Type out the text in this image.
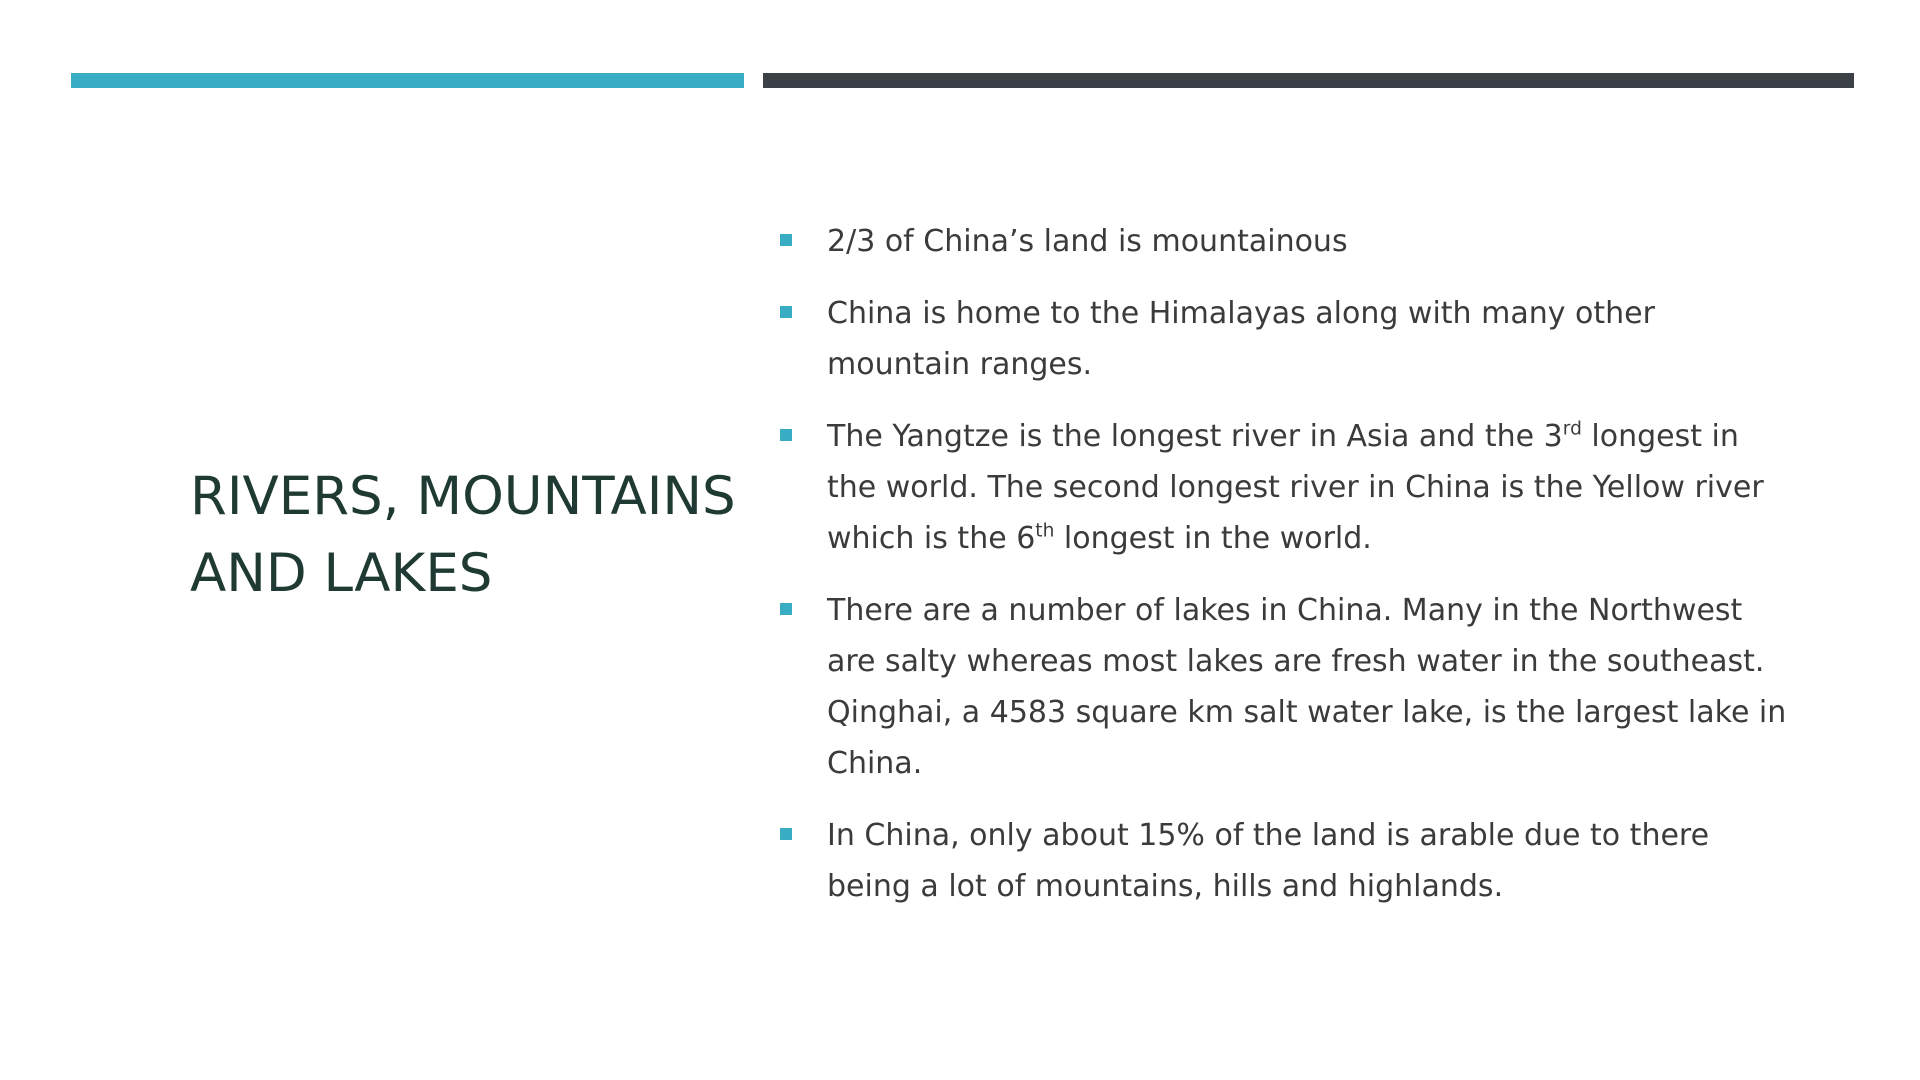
RIVERS, MOUNTAINS AND LAKES
2/3 of China’s land is mountainous
China is home to the Himalayas along with many other mountain ranges.
The Yangtze is the longest river in Asia and the 3rd longest in the world. The second longest river in China is the Yellow river which is the 6th longest in the world.
There are a number of lakes in China. Many in the Northwest are salty whereas most lakes are fresh water in the southeast. Qinghai, a 4583 square km salt water lake, is the largest lake in China.
In China, only about 15% of the land is arable due to there being a lot of mountains, hills and highlands.
